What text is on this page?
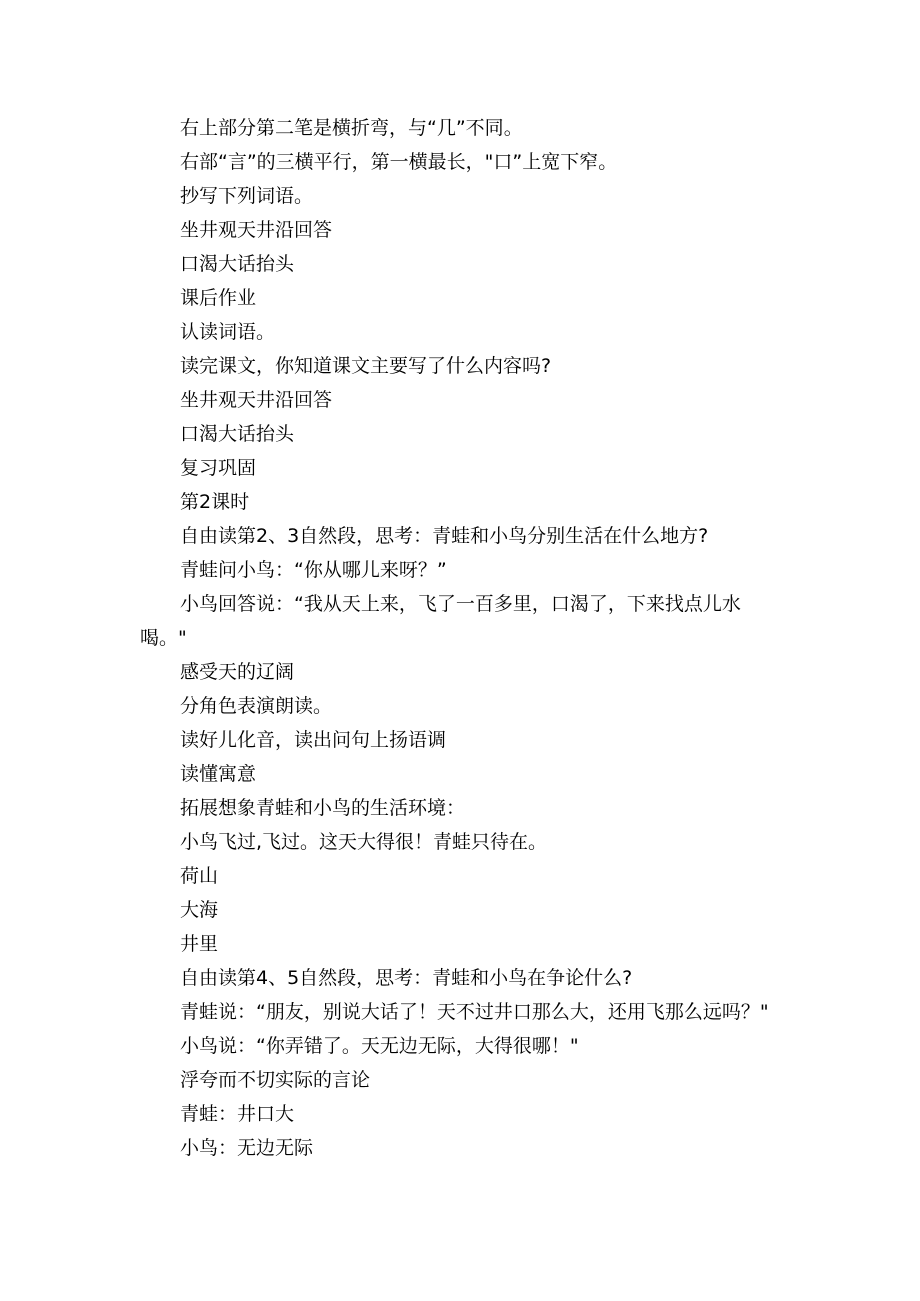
右上部分第二笔是横折弯，与“几”不同。
右部“言”的三横平行，第一横最长，"口”上宽下窄。
抄写下列词语。
坐井观天井沿回答
口渴大话抬头
课后作业
认读词语。
读完课文，你知道课文主要写了什么内容吗?
坐井观天井沿回答
口渴大话抬头
复习巩固
第2课时
自由读第2、3自然段，思考：青蛙和小鸟分别生活在什么地方?
青蛙问小鸟：“你从哪儿来呀？”
小鸟回答说：“我从天上来，飞了一百多里，口渴了，下来找点儿水喝。"
感受天的辽阔
分角色表演朗读。
读好儿化音，读出问句上扬语调
读懂寓意
拓展想象青蛙和小鸟的生活环境：
小鸟飞过,飞过。这天大得很！青蛙只待在。
荷山
大海
井里
自由读第4、5自然段，思考：青蛙和小鸟在争论什么?
青蛙说：“朋友，别说大话了！天不过井口那么大，还用飞那么远吗？"
小鸟说：“你弄错了。天无边无际，大得很哪！"
浮夸而不切实际的言论
青蛙：井口大
小鸟：无边无际
